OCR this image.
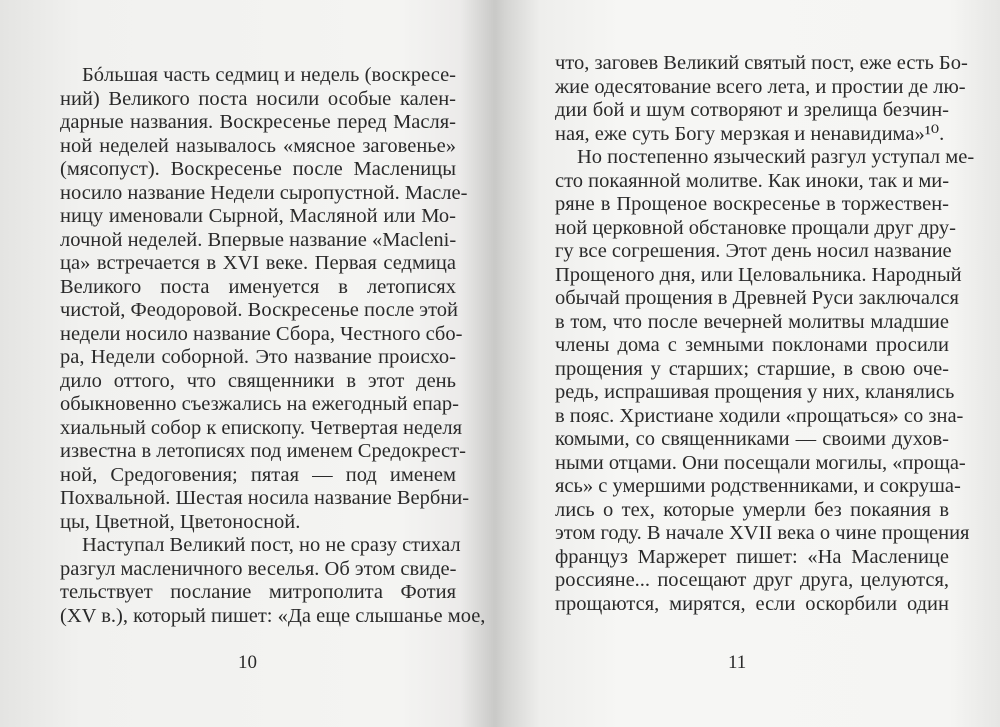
Бóльшая часть седмиц и недель (воскресе-
ний) Великого поста носили особые кален-
дарные названия. Воскресенье перед Масля-
ной неделей называлось «мясное заговенье»
(мясопуст). Воскресенье после Масленицы
носило название Недели сыропустной. Масле-
ницу именовали Сырной, Масляной или Мо-
лочной неделей. Впервые название «Масleni-
ца» встречается в XVI веке. Первая седмица
Великого поста именуется в летописях
чистой, Феодоровой. Воскресенье после этой
недели носило название Сбора, Честного сбо-
ра, Недели соборной. Это название происхо-
дило оттого, что священники в этот день
обыкновенно съезжались на ежегодный епар-
хиальный собор к епископу. Четвертая неделя
известна в летописях под именем Средокрест-
ной, Средоговения; пятая — под именем
Похвальной. Шестая носила название Вербни-
цы, Цветной, Цветоносной.
Наступал Великий пост, но не сразу стихал
разгул масленичного веселья. Об этом свиде-
тельствует послание митрополита Фотия
(XV в.), который пишет: «Да еще слышанье мое,
что, заговев Великий святый пост, еже есть Бо-
жие одесятование всего лета, и простии де лю-
дии бой и шум сотворяют и зрелища безчин-
ная, еже суть Богу мерзкая и ненавидима»¹⁰.
Но постепенно языческий разгул уступал ме-
сто покаянной молитве. Как иноки, так и ми-
ряне в Прощеное воскресенье в торжествен-
ной церковной обстановке прощали друг дру-
гу все согрешения. Этот день носил название
Прощеного дня, или Целовальника. Народный
обычай прощения в Древней Руси заключался
в том, что после вечерней молитвы младшие
члены дома с земными поклонами просили
прощения у старших; старшие, в свою оче-
редь, испрашивая прощения у них, кланялись
в пояс. Христиане ходили «прощаться» со зна-
комыми, со священниками — своими духов-
ными отцами. Они посещали могилы, «проща-
ясь» с умершими родственниками, и сокруша-
лись о тех, которые умерли без покаяния в
этом году. В начале XVII века о чине прощения
француз Маржерет пишет: «На Масленице
россияне... посещают друг друга, целуются,
прощаются, мирятся, если оскорбили один
10	11
